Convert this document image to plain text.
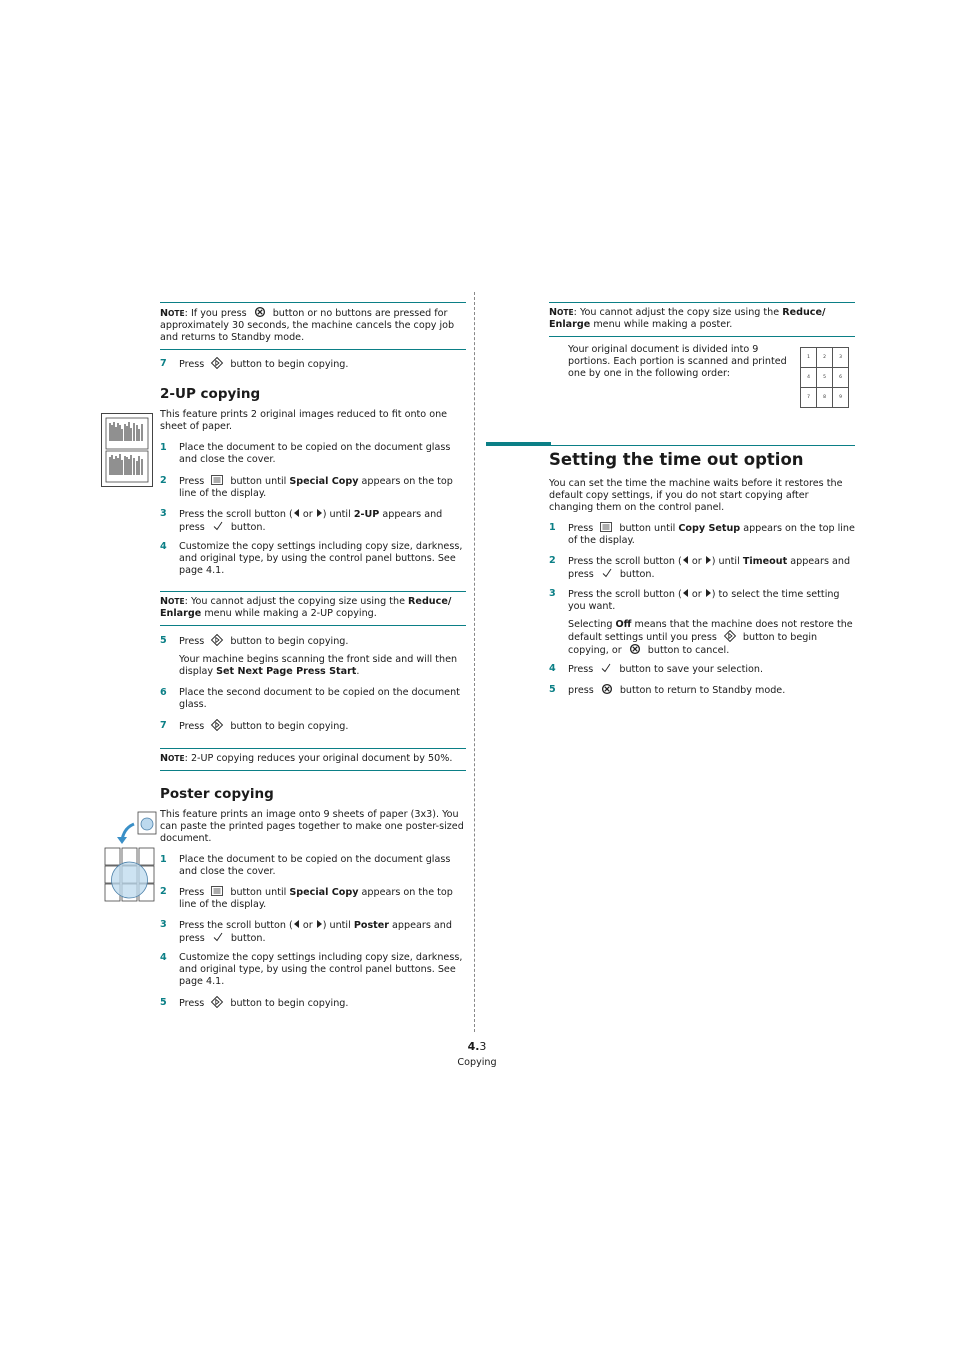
NOTE: If you press
button or no buttons are pressed for approximately 30 seconds, the machine cancels the copy job and returns to Standby mode.
7 Press
button to begin copying.
2-UP copying

This feature prints 2 original images reduced to fit onto one sheet of paper.

1 Place the document to be copied on the document glass and close the cover.
2 Press
button until Special Copy appears on the top line of the display.
3 Press the scroll button (
or
) until 2-UP appears and press
button.
4 Customize the copy settings including copy size, darkness, and original type, by using the control panel buttons. See page 4.1.
NOTE: You cannot adjust the copying size using the Reduce/ Enlarge menu while making a 2-UP copying.
5 Press
button to begin copying.
Your machine begins scanning the front side and will then display Set Next Page Press Start.
6 Place the second document to be copied on the document glass.
7 Press
button to begin copying.
NOTE: 2-UP copying reduces your original document by 50%.
Poster copying

This feature prints an image onto 9 sheets of paper (3x3). You can paste the printed pages together to make one poster-sized document.

1 Place the document to be copied on the document glass and close the cover.
2 Press
button until Special Copy appears on the top line of the display.
3 Press the scroll button (
or
) until Poster appears and press
button.
4 Customize the copy settings including copy size, darkness, and original type, by using the control panel buttons. See page 4.1.
5 Press
button to begin copying.
NOTE: You cannot adjust the copy size using the Reduce/ Enlarge menu while making a poster.

Your original document is divided into 9 portions. Each portion is scanned and printed one by one in the following order:

Setting the time out option

You can set the time the machine waits before it restores the default copy settings, if you do not start copying after changing them on the control panel.

1 Press
button until Copy Setup appears on the top line of the display.
2 Press the scroll button (
or
) until Timeout appears and press
button.
3 Press the scroll button (
or
) to select the time setting you want.
Selecting Off means that the machine does not restore the default settings until you press
button to begin copying, or
button to cancel.
4 Press
button to save your selection.
5 press
button to return to Standby mode.
1	2	3
4	5	6
7	8	9
4.3
Copying
